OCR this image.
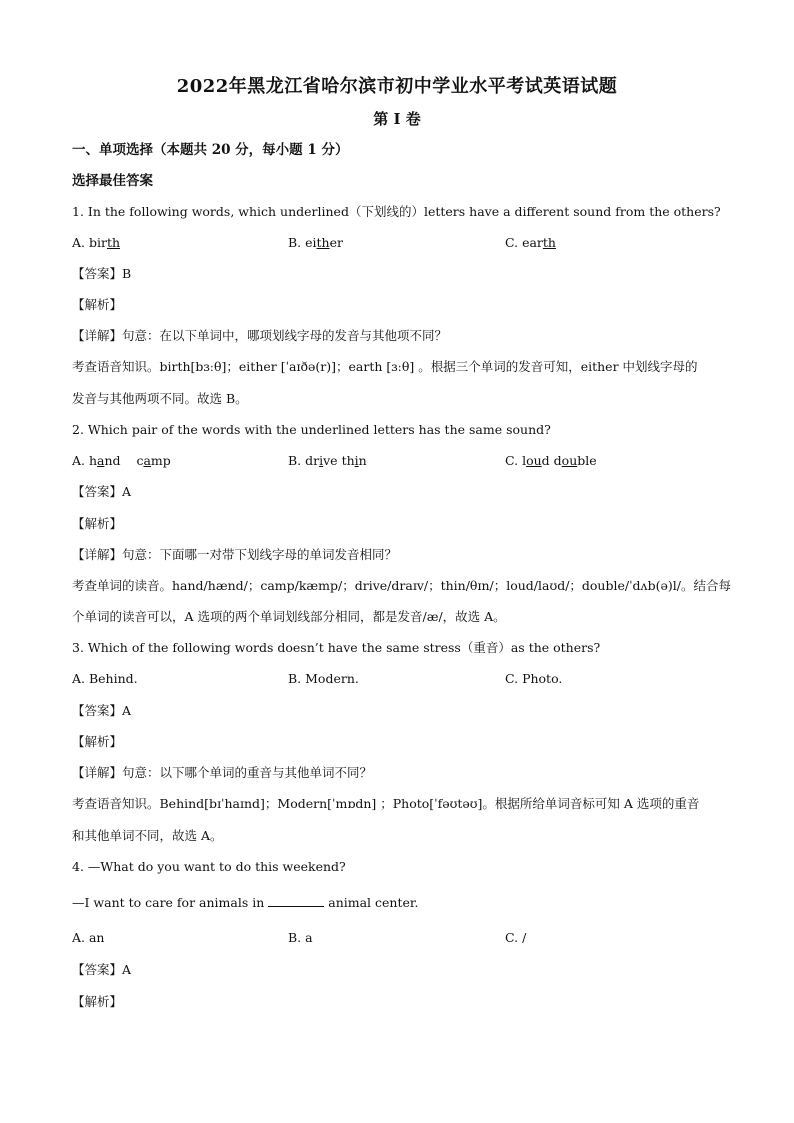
2022年黑龙江省哈尔滨市初中学业水平考试英语试题
第 I 卷
一、单项选择（本题共 20 分，每小题 1 分）
选择最佳答案
1. In the following words, which underlined（下划线的）letters have a different sound from the others?
A. birth	B. either	C. earth
【答案】B
【解析】
【详解】句意：在以下单词中，哪项划线字母的发音与其他项不同？
考查语音知识。birth[bɜːθ]；either [ˈaɪðə(r)]；earth [ɜːθ] 。根据三个单词的发音可知，either 中划线字母的
发音与其他两项不同。故选 B。
2. Which pair of the words with the underlined letters has the same sound?
A. hand camp	B. drive thin	C. loud double
【答案】A
【解析】
【详解】句意：下面哪一对带下划线字母的单词发音相同？
考查单词的读音。hand/hænd/；camp/kæmp/；drive/draɪv/；thin/θɪn/；loud/laʊd/；double/ˈdʌb(ə)l/。结合每
个单词的读音可以，A 选项的两个单词划线部分相同，都是发音/æ/，故选 A。
3. Which of the following words doesn’t have the same stress（重音）as the others?
A. Behind.	B. Modern.	C. Photo.
【答案】A
【解析】
【详解】句意：以下哪个单词的重音与其他单词不同？
考查语音知识。Behind[bɪˈhaɪnd]；Modern[ˈmɒdn] ；Photo[ˈfəʊtəʊ]。根据所给单词音标可知 A 选项的重音
和其他单词不同，故选 A。
4. —What do you want to do this weekend?
—I want to care for animals in	animal center.
A. an	B. a	C. /
【答案】A
【解析】
